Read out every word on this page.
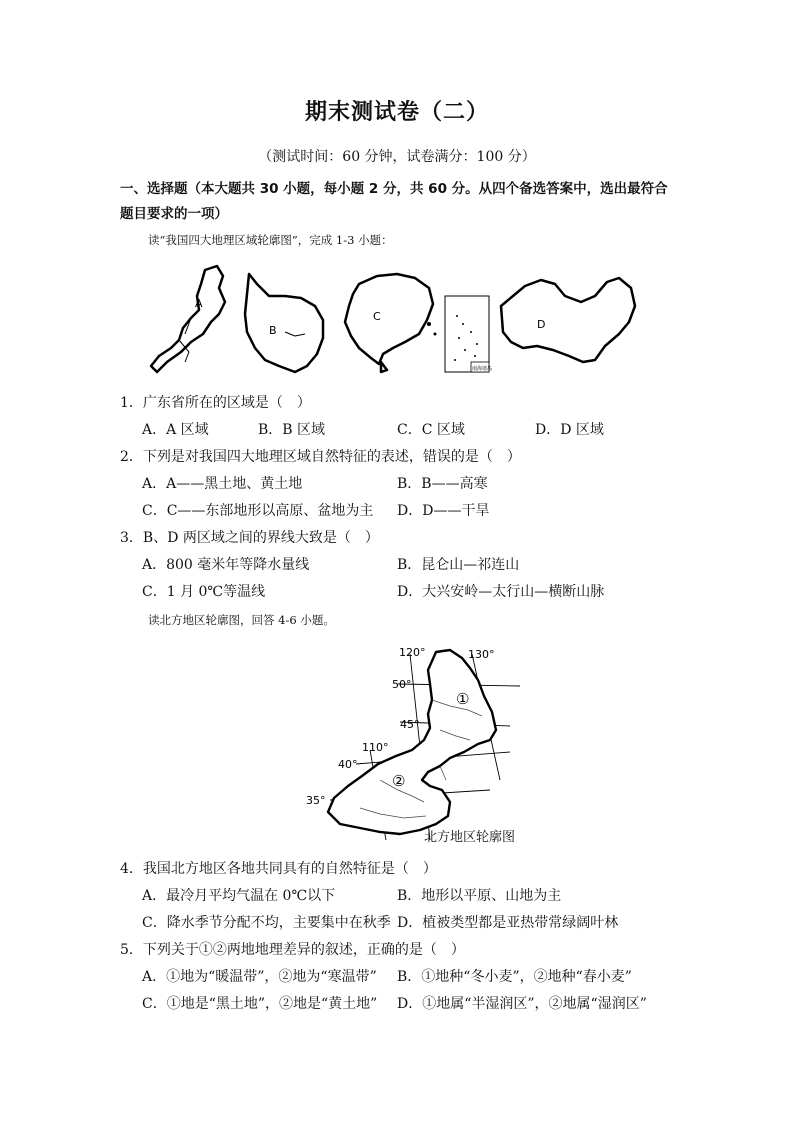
期末测试卷（二）
（测试时间：60 分钟，试卷满分：100 分）
一、选择题（本大题共 30 小题，每小题 2 分，共 60 分。从四个备选答案中，选出最符合题目要求的一项）
读“我国四大地理区域轮廓图”，完成 1-3 小题：
A
B
C
南海诸岛
D
1．广东省所在的区域是（　）
A．A 区域	B．B 区域	C．C 区域	D．D 区域
2．下列是对我国四大地理区域自然特征的表述，错误的是（　）
A．A——黑土地、黄土地	B．B——高寒
C．C——东部地形以高原、盆地为主 D．D——干旱
3．B、D 两区域之间的界线大致是（　）
A．800 毫米年等降水量线	B．昆仑山—祁连山
C．1 月 0℃等温线	D．大兴安岭—太行山—横断山脉
读北方地区轮廓图，回答 4-6 小题。
120°	130°
110°
50°
45°
40°
35°
①
②
北方地区轮廓图
4．我国北方地区各地共同具有的自然特征是（　）
A．最冷月平均气温在 0℃以下	B．地形以平原、山地为主
C．降水季节分配不均，主要集中在秋季 D．植被类型都是亚热带常绿阔叶林
5．下列关于①②两地地理差异的叙述，正确的是（　）
A．①地为“暖温带”，②地为“寒温带” B．①地种“冬小麦”，②地种“春小麦”
C．①地是“黑土地”，②地是“黄土地” D．①地属“半湿润区”，②地属“湿润区”
